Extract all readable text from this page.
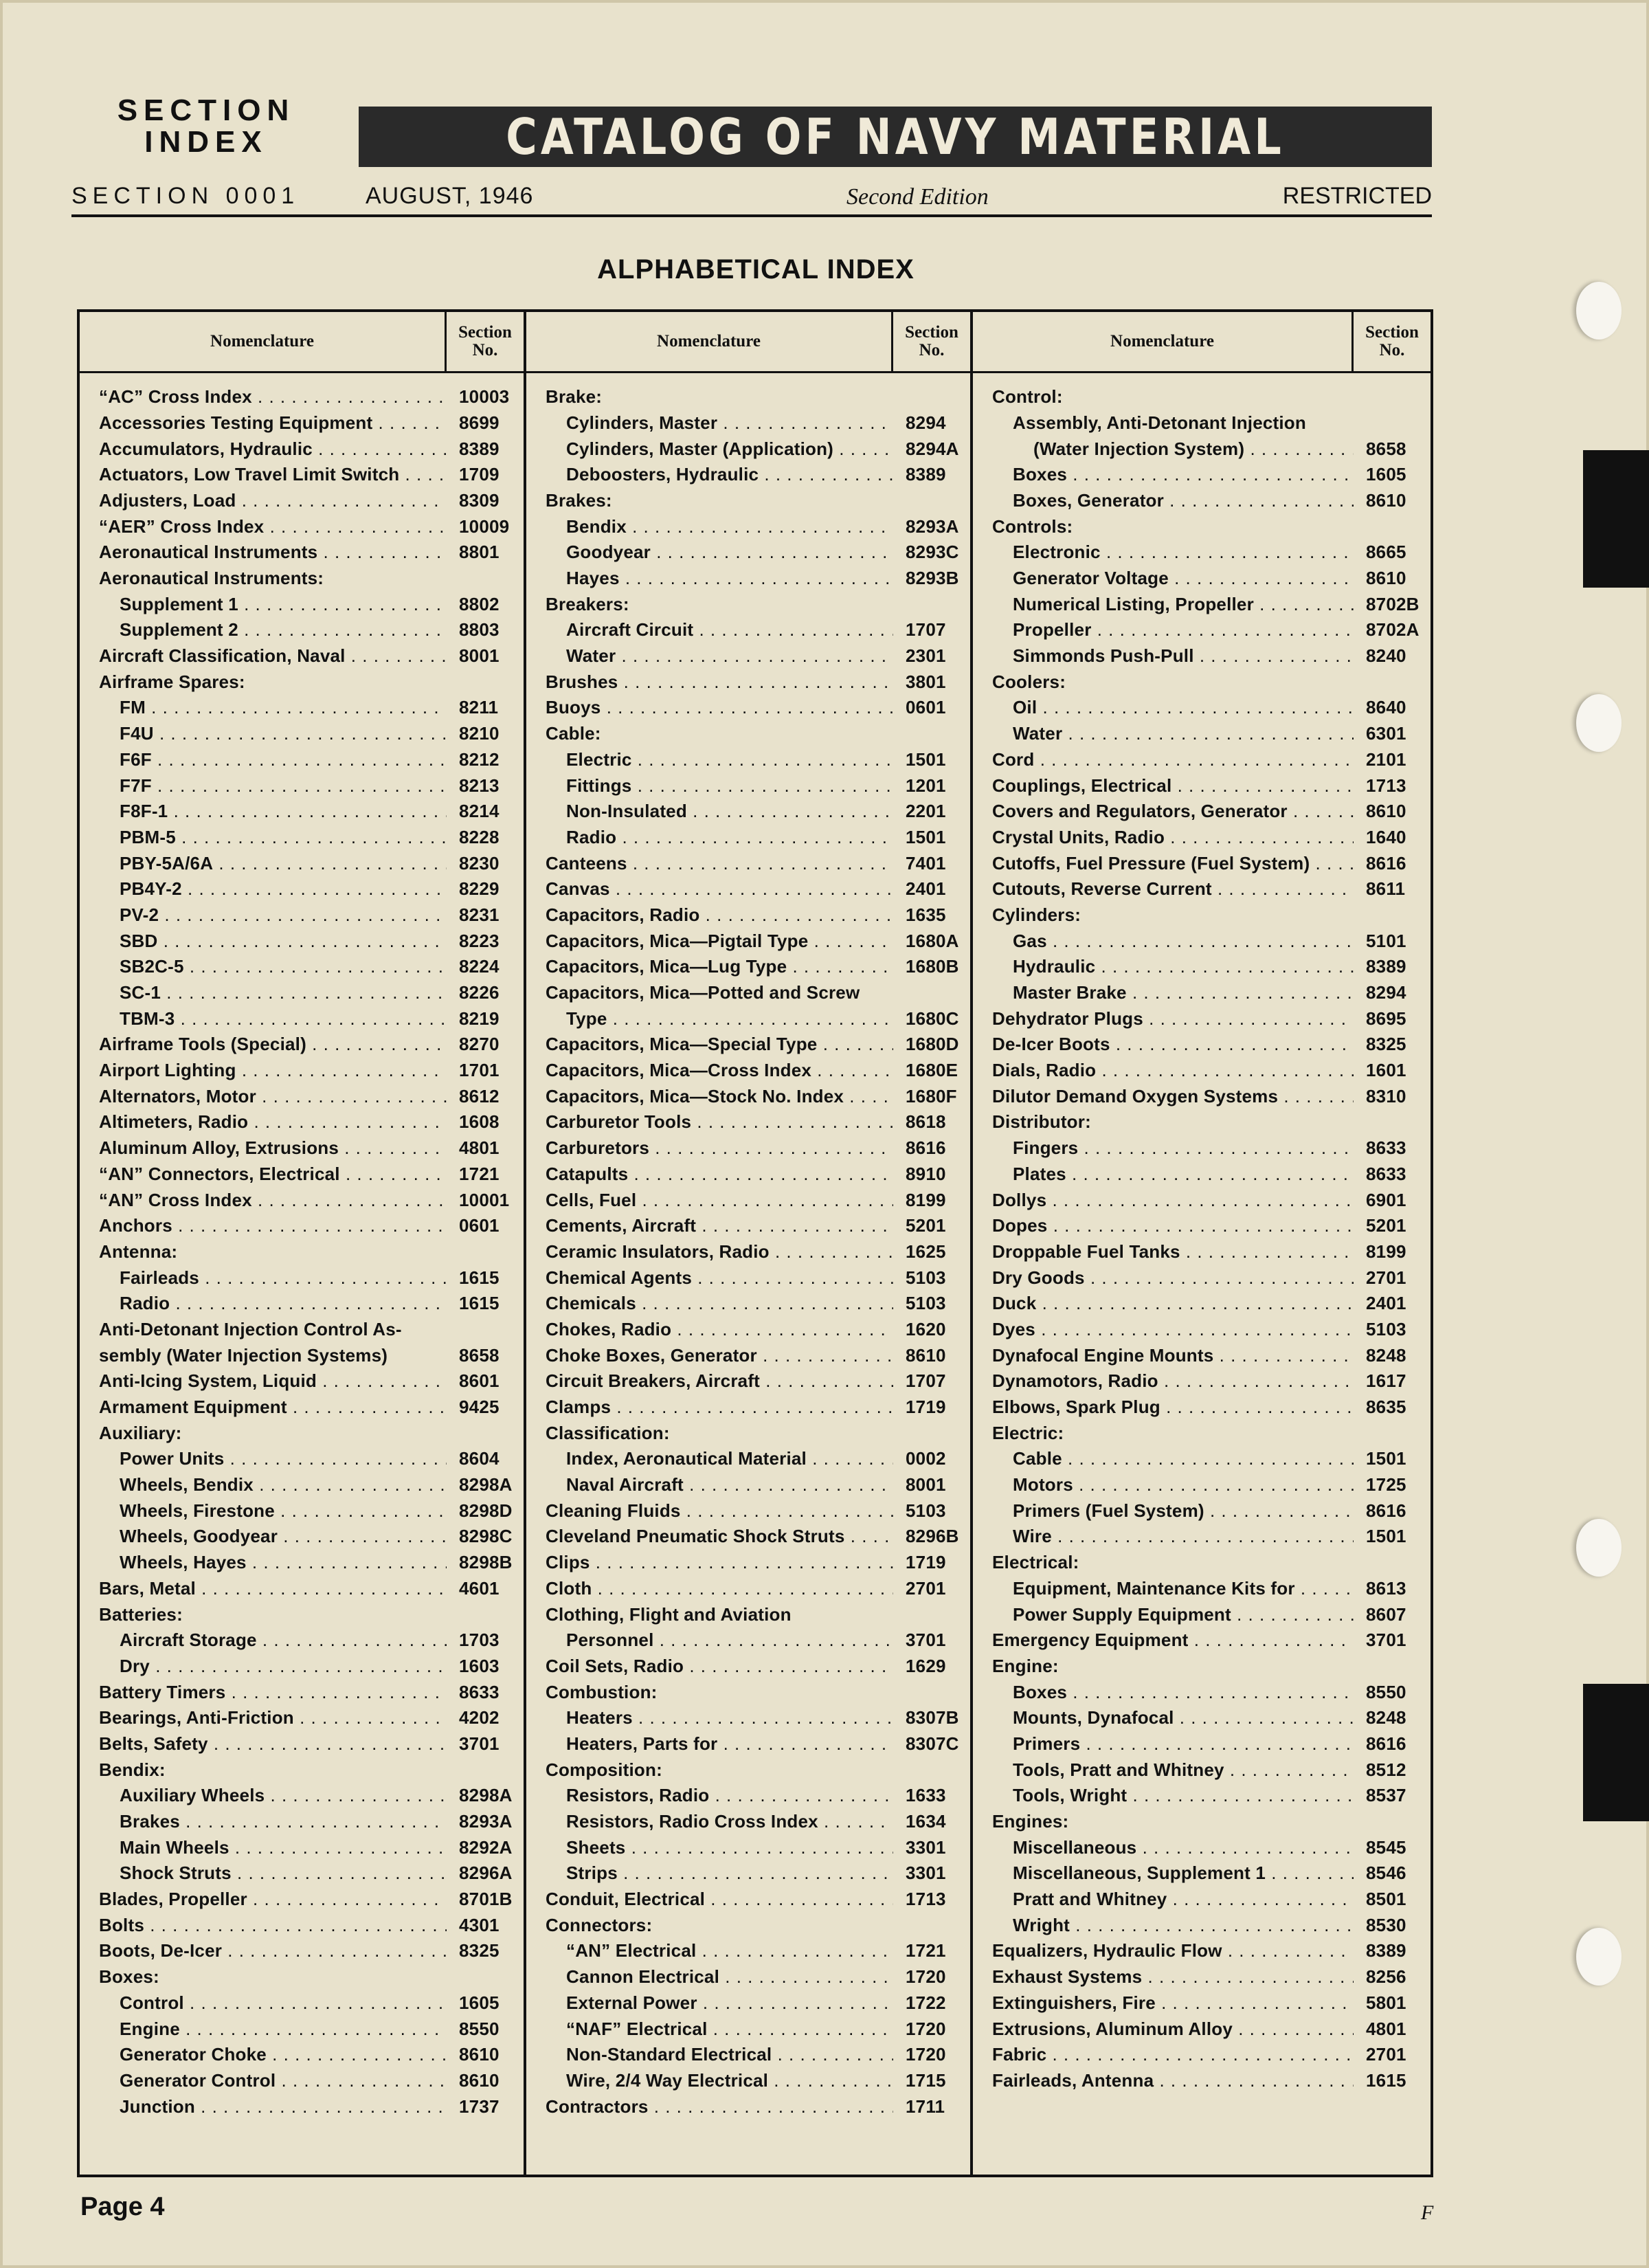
SECTION INDEX	CATALOG OF NAVY MATERIAL
SECTION 0001	AUGUST, 1946	Second Edition	RESTRICTED
ALPHABETICAL INDEX
Nomenclature	Section
No.
“AC” Cross Index . . .	10003
Accessories Testing Equipment . . .	8699
Accumulators, Hydraulic . . .	8389
Actuators, Low Travel Limit Switch . . .	1709
Adjusters, Load . . .	8309
“AER” Cross Index . . .	10009
Aeronautical Instruments . . .	8801
Aeronautical Instruments:
Supplement 1 . . .	8802
Supplement 2 . . .	8803
Aircraft Classification, Naval . . .	8001
Airframe Spares:
FM . . .	8211
F4U . . .	8210
F6F . . .	8212
F7F . . .	8213
F8F-1 . . .	8214
PBM-5 . . .	8228
PBY-5A/6A . . .	8230
PB4Y-2 . . .	8229
PV-2 . . .	8231
SBD . . .	8223
SB2C-5 . . .	8224
SC-1 . . .	8226
TBM-3 . . .	8219
Airframe Tools (Special) . . .	8270
Airport Lighting . . .	1701
Alternators, Motor . . .	8612
Altimeters, Radio . . .	1608
Aluminum Alloy, Extrusions . . .	4801
“AN” Connectors, Electrical . . .	1721
“AN” Cross Index . . .	10001
Anchors . . .	0601
Antenna:
Fairleads . . .	1615
Radio . . .	1615
Anti-Detonant Injection Control As-
sembly (Water Injection Systems)	8658
Anti-Icing System, Liquid . . .	8601
Armament Equipment . . .	9425
Auxiliary:
Power Units . . .	8604
Wheels, Bendix . . .	8298A
Wheels, Firestone . . .	8298D
Wheels, Goodyear . . .	8298C
Wheels, Hayes . . .	8298B
Bars, Metal . . .	4601
Batteries:
Aircraft Storage . . .	1703
Dry . . .	1603
Battery Timers . . .	8633
Bearings, Anti-Friction . . .	4202
Belts, Safety . . .	3701
Bendix:
Auxiliary Wheels . . .	8298A
Brakes . . .	8293A
Main Wheels . . .	8292A
Shock Struts . . .	8296A
Blades, Propeller . . .	8701B
Bolts . . .	4301
Boots, De-Icer . . .	8325
Boxes:
Control . . .	1605
Engine . . .	8550
Generator Choke . . .	8610
Generator Control . . .	8610
Junction . . .	1737
Nomenclature	Section
No.
Brake:
Cylinders, Master . . .	8294
Cylinders, Master (Application) . . .	8294A
Deboosters, Hydraulic . . .	8389
Brakes:
Bendix . . .	8293A
Goodyear . . .	8293C
Hayes . . .	8293B
Breakers:
Aircraft Circuit . . .	1707
Water . . .	2301
Brushes . . .	3801
Buoys . . .	0601
Cable:
Electric . . .	1501
Fittings . . .	1201
Non-Insulated . . .	2201
Radio . . .	1501
Canteens . . .	7401
Canvas . . .	2401
Capacitors, Radio . . .	1635
Capacitors, Mica—Pigtail Type . . .	1680A
Capacitors, Mica—Lug Type . . .	1680B
Capacitors, Mica—Potted and Screw
Type . . .	1680C
Capacitors, Mica—Special Type . . .	1680D
Capacitors, Mica—Cross Index . . .	1680E
Capacitors, Mica—Stock No. Index . . .	1680F
Carburetor Tools . . .	8618
Carburetors . . .	8616
Catapults . . .	8910
Cells, Fuel . . .	8199
Cements, Aircraft . . .	5201
Ceramic Insulators, Radio . . .	1625
Chemical Agents . . .	5103
Chemicals . . .	5103
Chokes, Radio . . .	1620
Choke Boxes, Generator . . .	8610
Circuit Breakers, Aircraft . . .	1707
Clamps . . .	1719
Classification:
Index, Aeronautical Material . . .	0002
Naval Aircraft . . .	8001
Cleaning Fluids . . .	5103
Cleveland Pneumatic Shock Struts . . .	8296B
Clips . . .	1719
Cloth . . .	2701
Clothing, Flight and Aviation
Personnel . . .	3701
Coil Sets, Radio . . .	1629
Combustion:
Heaters . . .	8307B
Heaters, Parts for . . .	8307C
Composition:
Resistors, Radio . . .	1633
Resistors, Radio Cross Index . . .	1634
Sheets . . .	3301
Strips . . .	3301
Conduit, Electrical . . .	1713
Connectors:
“AN” Electrical . . .	1721
Cannon Electrical . . .	1720
External Power . . .	1722
“NAF” Electrical . . .	1720
Non-Standard Electrical . . .	1720
Wire, 2/4 Way Electrical . . .	1715
Contractors . . .	1711
Nomenclature	Section
No.
Control:
Assembly, Anti-Detonant Injection
(Water Injection System) . . .	8658
Boxes . . .	1605
Boxes, Generator . . .	8610
Controls:
Electronic . . .	8665
Generator Voltage . . .	8610
Numerical Listing, Propeller . . .	8702B
Propeller . . .	8702A
Simmonds Push-Pull . . .	8240
Coolers:
Oil . . .	8640
Water . . .	6301
Cord . . .	2101
Couplings, Electrical . . .	1713
Covers and Regulators, Generator . . .	8610
Crystal Units, Radio . . .	1640
Cutoffs, Fuel Pressure (Fuel System) . . .	8616
Cutouts, Reverse Current . . .	8611
Cylinders:
Gas . . .	5101
Hydraulic . . .	8389
Master Brake . . .	8294
Dehydrator Plugs . . .	8695
De-Icer Boots . . .	8325
Dials, Radio . . .	1601
Dilutor Demand Oxygen Systems . . .	8310
Distributor:
Fingers . . .	8633
Plates . . .	8633
Dollys . . .	6901
Dopes . . .	5201
Droppable Fuel Tanks . . .	8199
Dry Goods . . .	2701
Duck . . .	2401
Dyes . . .	5103
Dynafocal Engine Mounts . . .	8248
Dynamotors, Radio . . .	1617
Elbows, Spark Plug . . .	8635
Electric:
Cable . . .	1501
Motors . . .	1725
Primers (Fuel System) . . .	8616
Wire . . .	1501
Electrical:
Equipment, Maintenance Kits for . . .	8613
Power Supply Equipment . . .	8607
Emergency Equipment . . .	3701
Engine:
Boxes . . .	8550
Mounts, Dynafocal . . .	8248
Primers . . .	8616
Tools, Pratt and Whitney . . .	8512
Tools, Wright . . .	8537
Engines:
Miscellaneous . . .	8545
Miscellaneous, Supplement 1 . . .	8546
Pratt and Whitney . . .	8501
Wright . . .	8530
Equalizers, Hydraulic Flow . . .	8389
Exhaust Systems . . .	8256
Extinguishers, Fire . . .	5801
Extrusions, Aluminum Alloy . . .	4801
Fabric . . .	2701
Fairleads, Antenna . . .	1615
Page 4	F
